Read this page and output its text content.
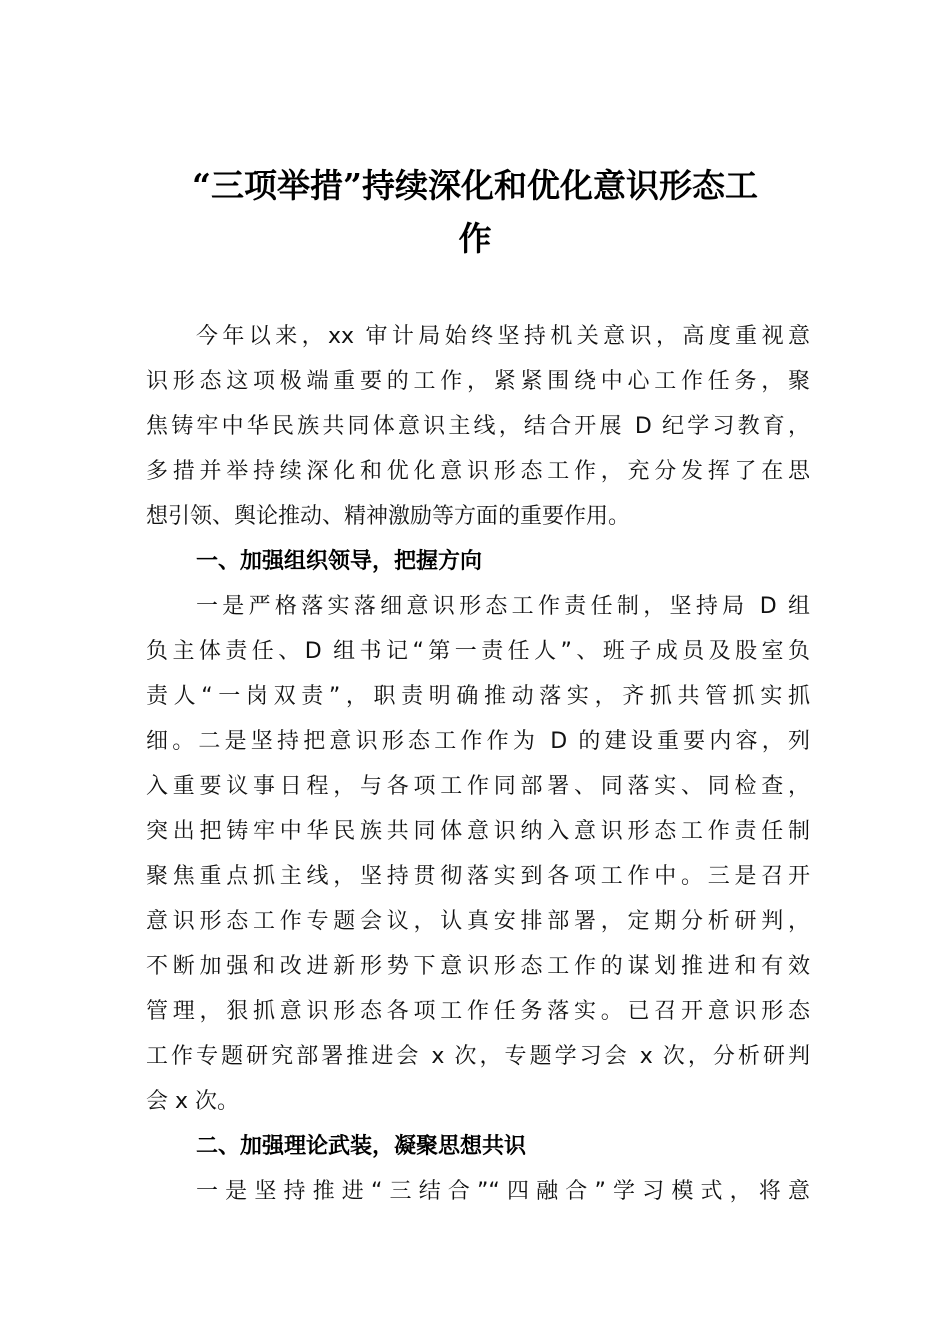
“三项举措”持续深化和优化意识形态工
作
今年以来，xx 审计局始终坚持机关意识，高度重视意
识形态这项极端重要的工作，紧紧围绕中心工作任务，聚
焦铸牢中华民族共同体意识主线，结合开展 D 纪学习教育，
多措并举持续深化和优化意识形态工作，充分发挥了在思
想引领、舆论推动、精神激励等方面的重要作用。
一、加强组织领导，把握方向
一是严格落实落细意识形态工作责任制，坚持局 D 组
负主体责任、D 组书记“第一责任人”、班子成员及股室负
责人“一岗双责”，职责明确推动落实，齐抓共管抓实抓
细。二是坚持把意识形态工作作为 D 的建设重要内容，列
入重要议事日程，与各项工作同部署、同落实、同检查，
突出把铸牢中华民族共同体意识纳入意识形态工作责任制
聚焦重点抓主线，坚持贯彻落实到各项工作中。三是召开
意识形态工作专题会议，认真安排部署，定期分析研判，
不断加强和改进新形势下意识形态工作的谋划推进和有效
管理，狠抓意识形态各项工作任务落实。已召开意识形态
工作专题研究部署推进会 x 次，专题学习会 x 次，分析研判
会 x 次。
二、加强理论武装，凝聚思想共识
一是坚持推进“三结合”“四融合”学习模式，将意
